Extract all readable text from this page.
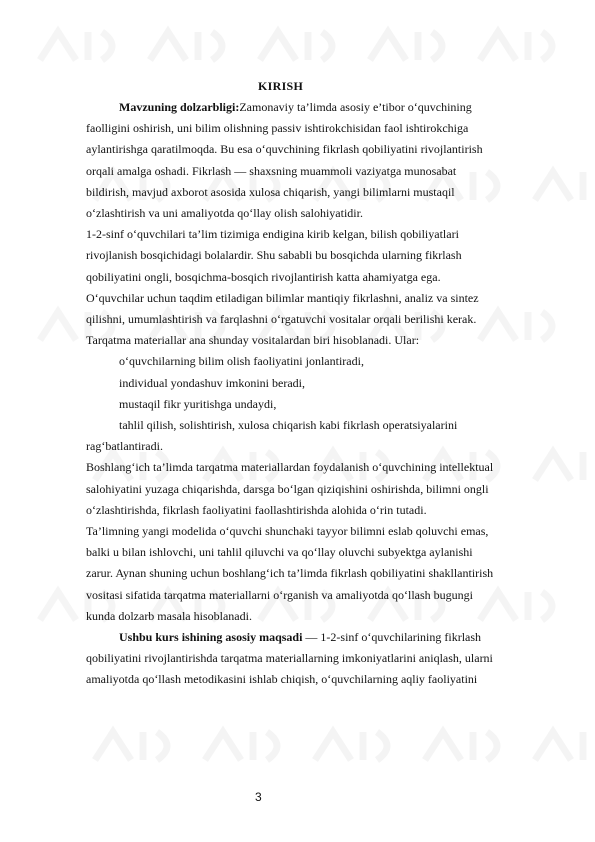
KIRISH
Mavzuning dolzarbligi:Zamonaviy ta’limda asosiy e’tibor o‘quvchining
faolligini oshirish, uni bilim olishning passiv ishtirokchisidan faol ishtirokchiga
aylantirishga qaratilmoqda. Bu esa o‘quvchining fikrlash qobiliyatini rivojlantirish
orqali amalga oshadi. Fikrlash — shaxsning muammoli vaziyatga munosabat
bildirish, mavjud axborot asosida xulosa chiqarish, yangi bilimlarni mustaqil
o‘zlashtirish va uni amaliyotda qo‘llay olish salohiyatidir.
1-2-sinf o‘quvchilari ta’lim tizimiga endigina kirib kelgan, bilish qobiliyatlari
rivojlanish bosqichidagi bolalardir. Shu sababli bu bosqichda ularning fikrlash
qobiliyatini ongli, bosqichma-bosqich rivojlantirish katta ahamiyatga ega.
O‘quvchilar uchun taqdim etiladigan bilimlar mantiqiy fikrlashni, analiz va sintez
qilishni, umumlashtirish va farqlashni o‘rgatuvchi vositalar orqali berilishi kerak.
Tarqatma materiallar ana shunday vositalardan biri hisoblanadi. Ular:
o‘quvchilarning bilim olish faoliyatini jonlantiradi,
individual yondashuv imkonini beradi,
mustaqil fikr yuritishga undaydi,
tahlil qilish, solishtirish, xulosa chiqarish kabi fikrlash operatsiyalarini
rag‘batlantiradi.
Boshlang‘ich ta’limda tarqatma materiallardan foydalanish o‘quvchining intellektual
salohiyatini yuzaga chiqarishda, darsga bo‘lgan qiziqishini oshirishda, bilimni ongli
o‘zlashtirishda, fikrlash faoliyatini faollashtirishda alohida o‘rin tutadi.
Ta’limning yangi modelida o‘quvchi shunchaki tayyor bilimni eslab qoluvchi emas,
balki u bilan ishlovchi, uni tahlil qiluvchi va qo‘llay oluvchi subyektga aylanishi
zarur. Aynan shuning uchun boshlang‘ich ta’limda fikrlash qobiliyatini shakllantirish
vositasi sifatida tarqatma materiallarni o‘rganish va amaliyotda qo‘llash bugungi
kunda dolzarb masala hisoblanadi.
Ushbu kurs ishining asosiy maqsadi — 1-2-sinf o‘quvchilarining fikrlash
qobiliyatini rivojlantirishda tarqatma materiallarning imkoniyatlarini aniqlash, ularni
amaliyotda qo‘llash metodikasini ishlab chiqish, o‘quvchilarning aqliy faoliyatini
3
